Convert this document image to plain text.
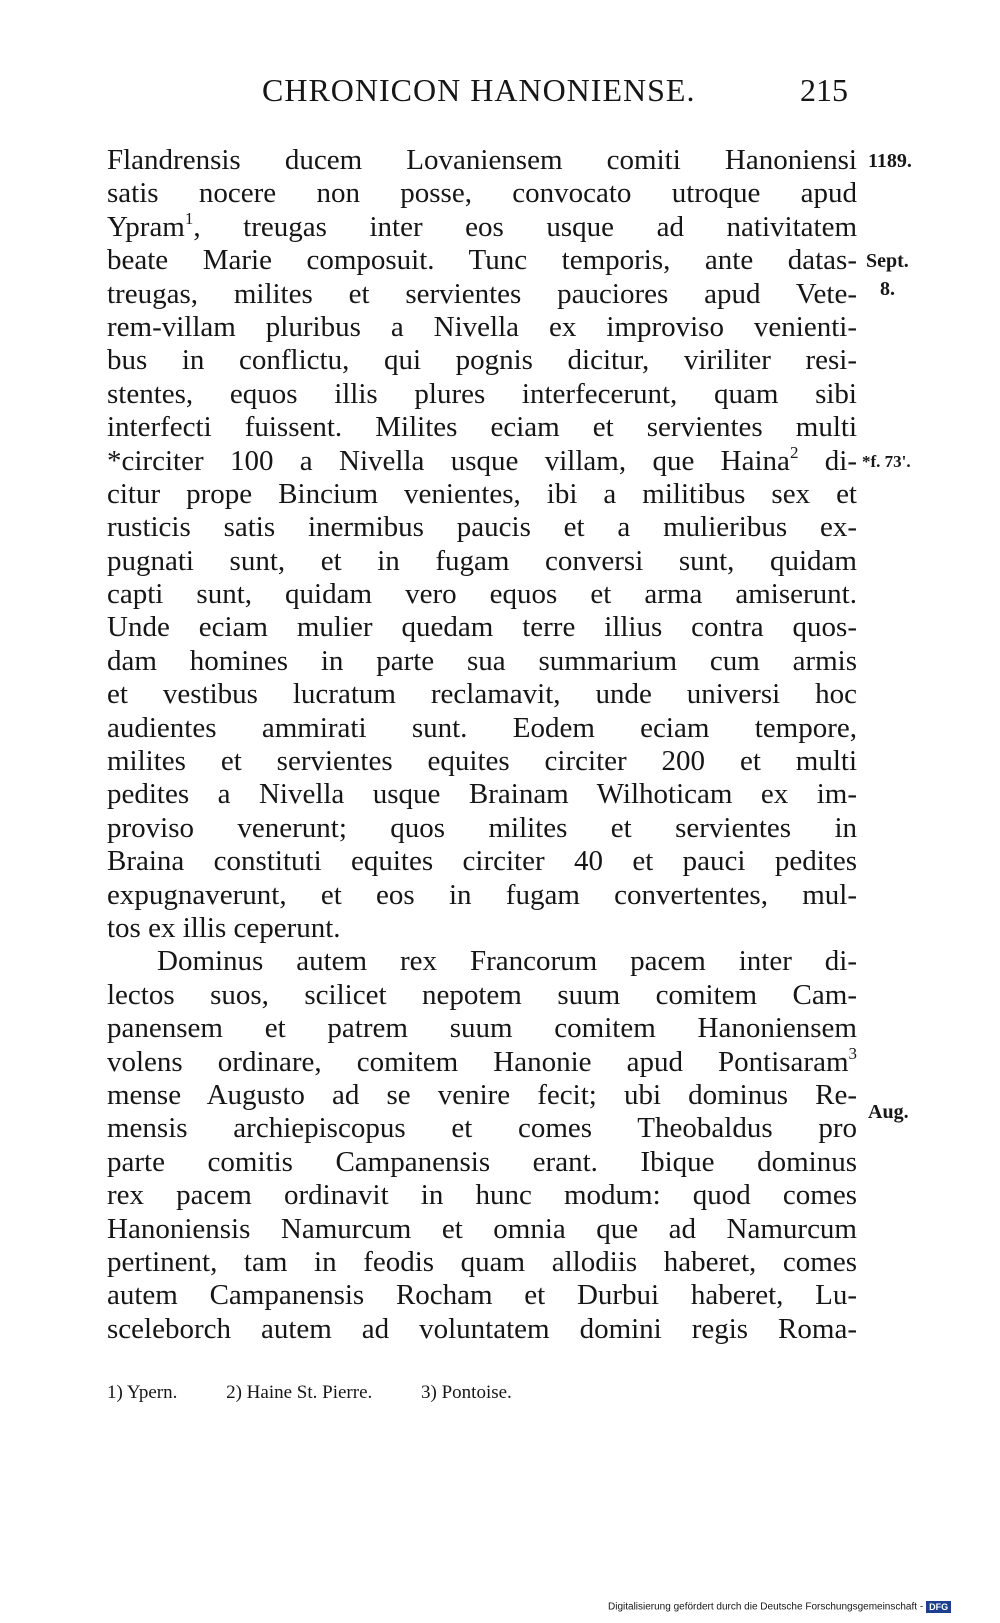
CHRONICON HANONIENSE.	215
Flandrensis ducem Lovaniensem comiti Hanoniensi
satis nocere non posse, convocato utroque apud
Ypram$^1$, treugas inter eos usque ad nativitatem
beate Marie composuit. Tunc temporis, ante datas-
treugas, milites et servientes pauciores apud Vete-
rem-villam pluribus a Nivella ex improviso venienti-
bus in conflictu, qui pognis dicitur, viriliter resi-
stentes, equos illis plures interfecerunt, quam sibi
interfecti fuissent. Milites eciam et servientes multi
*circiter 100 a Nivella usque villam, que Haina$^2$ di-
citur prope Bincium venientes, ibi a militibus sex et
rusticis satis inermibus paucis et a mulieribus ex-
pugnati sunt, et in fugam conversi sunt, quidam
capti sunt, quidam vero equos et arma amiserunt.
Unde eciam mulier quedam terre illius contra quos-
dam homines in parte sua summarium cum armis
et vestibus lucratum reclamavit, unde universi hoc
audientes ammirati sunt. Eodem eciam tempore,
milites et servientes equites circiter 200 et multi
pedites a Nivella usque Brainam Wilhoticam ex im-
proviso venerunt; quos milites et servientes in
Braina constituti equites circiter 40 et pauci pedites
expugnaverunt, et eos in fugam convertentes, mul-
tos ex illis ceperunt.
Dominus autem rex Francorum pacem inter di-
lectos suos, scilicet nepotem suum comitem Cam-
panensem et patrem suum comitem Hanoniensem
volens ordinare, comitem Hanonie apud Pontisaram$^3$
mense Augusto ad se venire fecit; ubi dominus Re-
mensis archiepiscopus et comes Theobaldus pro
parte comitis Campanensis erant. Ibique dominus
rex pacem ordinavit in hunc modum: quod comes
Hanoniensis Namurcum et omnia que ad Namurcum
pertinent, tam in feodis quam allodiis haberet, comes
autem Campanensis Rocham et Durbui haberet, Lu-
sceleborch autem ad voluntatem domini regis Roma-
1189.
Sept.
8.
*f. 73'.
Aug.
1) Ypern.	2) Haine St. Pierre.	3) Pontoise.
Digitalisierung gefördert durch die Deutsche Forschungsgemeinschaft - DFG
